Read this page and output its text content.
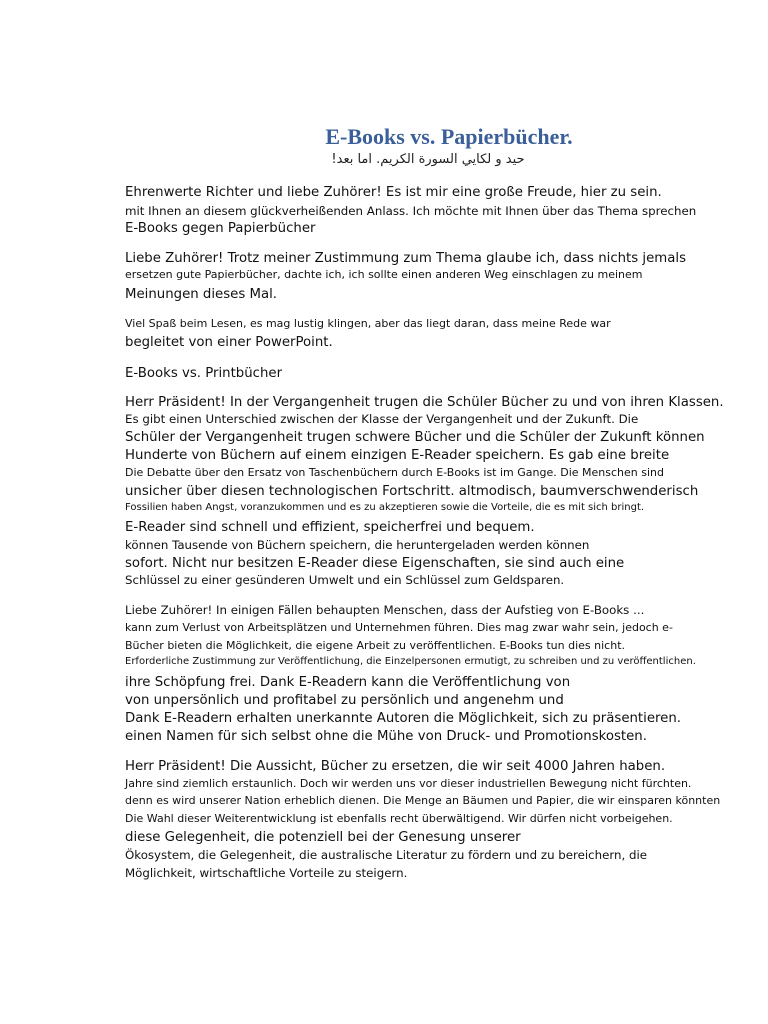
E-Books vs. Papierbücher.
ﺣﻴﺪ و ﻟﻜﺎﻳﻲ ﺍﻟﺴﻮﺭﺓ ﺍﻟﻜﺮﻳﻢ. ﺍﻣﺎ ﺑﻌﺪ!
Ehrenwerte Richter und liebe Zuhörer! Es ist mir eine große Freude, hier zu sein.
mit Ihnen an diesem glückverheißenden Anlass. Ich möchte mit Ihnen über das Thema sprechen
E-Books gegen Papierbücher
Liebe Zuhörer! Trotz meiner Zustimmung zum Thema glaube ich, dass nichts jemals
ersetzen gute Papierbücher, dachte ich, ich sollte einen anderen Weg einschlagen zu meinem
Meinungen dieses Mal.
Viel Spaß beim Lesen, es mag lustig klingen, aber das liegt daran, dass meine Rede war
begleitet von einer PowerPoint.
E-Books vs. Printbücher
Herr Präsident! In der Vergangenheit trugen die Schüler Bücher zu und von ihren Klassen.
Es gibt einen Unterschied zwischen der Klasse der Vergangenheit und der Zukunft. Die
Schüler der Vergangenheit trugen schwere Bücher und die Schüler der Zukunft können
Hunderte von Büchern auf einem einzigen E-Reader speichern. Es gab eine breite
Die Debatte über den Ersatz von Taschenbüchern durch E-Books ist im Gange. Die Menschen sind
unsicher über diesen technologischen Fortschritt. altmodisch, baumverschwenderisch
Fossilien haben Angst, voranzukommen und es zu akzeptieren sowie die Vorteile, die es mit sich bringt.
E-Reader sind schnell und effizient, speicherfrei und bequem.
können Tausende von Büchern speichern, die heruntergeladen werden können
sofort. Nicht nur besitzen E-Reader diese Eigenschaften, sie sind auch eine
Schlüssel zu einer gesünderen Umwelt und ein Schlüssel zum Geldsparen.
Liebe Zuhörer! In einigen Fällen behaupten Menschen, dass der Aufstieg von E-Books ...
kann zum Verlust von Arbeitsplätzen und Unternehmen führen. Dies mag zwar wahr sein, jedoch e-
Bücher bieten die Möglichkeit, die eigene Arbeit zu veröffentlichen. E-Books tun dies nicht.
Erforderliche Zustimmung zur Veröffentlichung, die Einzelpersonen ermutigt, zu schreiben und zu veröffentlichen.
ihre Schöpfung frei. Dank E-Readern kann die Veröffentlichung von
von unpersönlich und profitabel zu persönlich und angenehm und
Dank E-Readern erhalten unerkannte Autoren die Möglichkeit, sich zu präsentieren.
einen Namen für sich selbst ohne die Mühe von Druck- und Promotionskosten.
Herr Präsident! Die Aussicht, Bücher zu ersetzen, die wir seit 4000 Jahren haben.
Jahre sind ziemlich erstaunlich. Doch wir werden uns vor dieser industriellen Bewegung nicht fürchten.
denn es wird unserer Nation erheblich dienen. Die Menge an Bäumen und Papier, die wir einsparen könnten
Die Wahl dieser Weiterentwicklung ist ebenfalls recht überwältigend. Wir dürfen nicht vorbeigehen.
diese Gelegenheit, die potenziell bei der Genesung unserer
Ökosystem, die Gelegenheit, die australische Literatur zu fördern und zu bereichern, die
Möglichkeit, wirtschaftliche Vorteile zu steigern.
